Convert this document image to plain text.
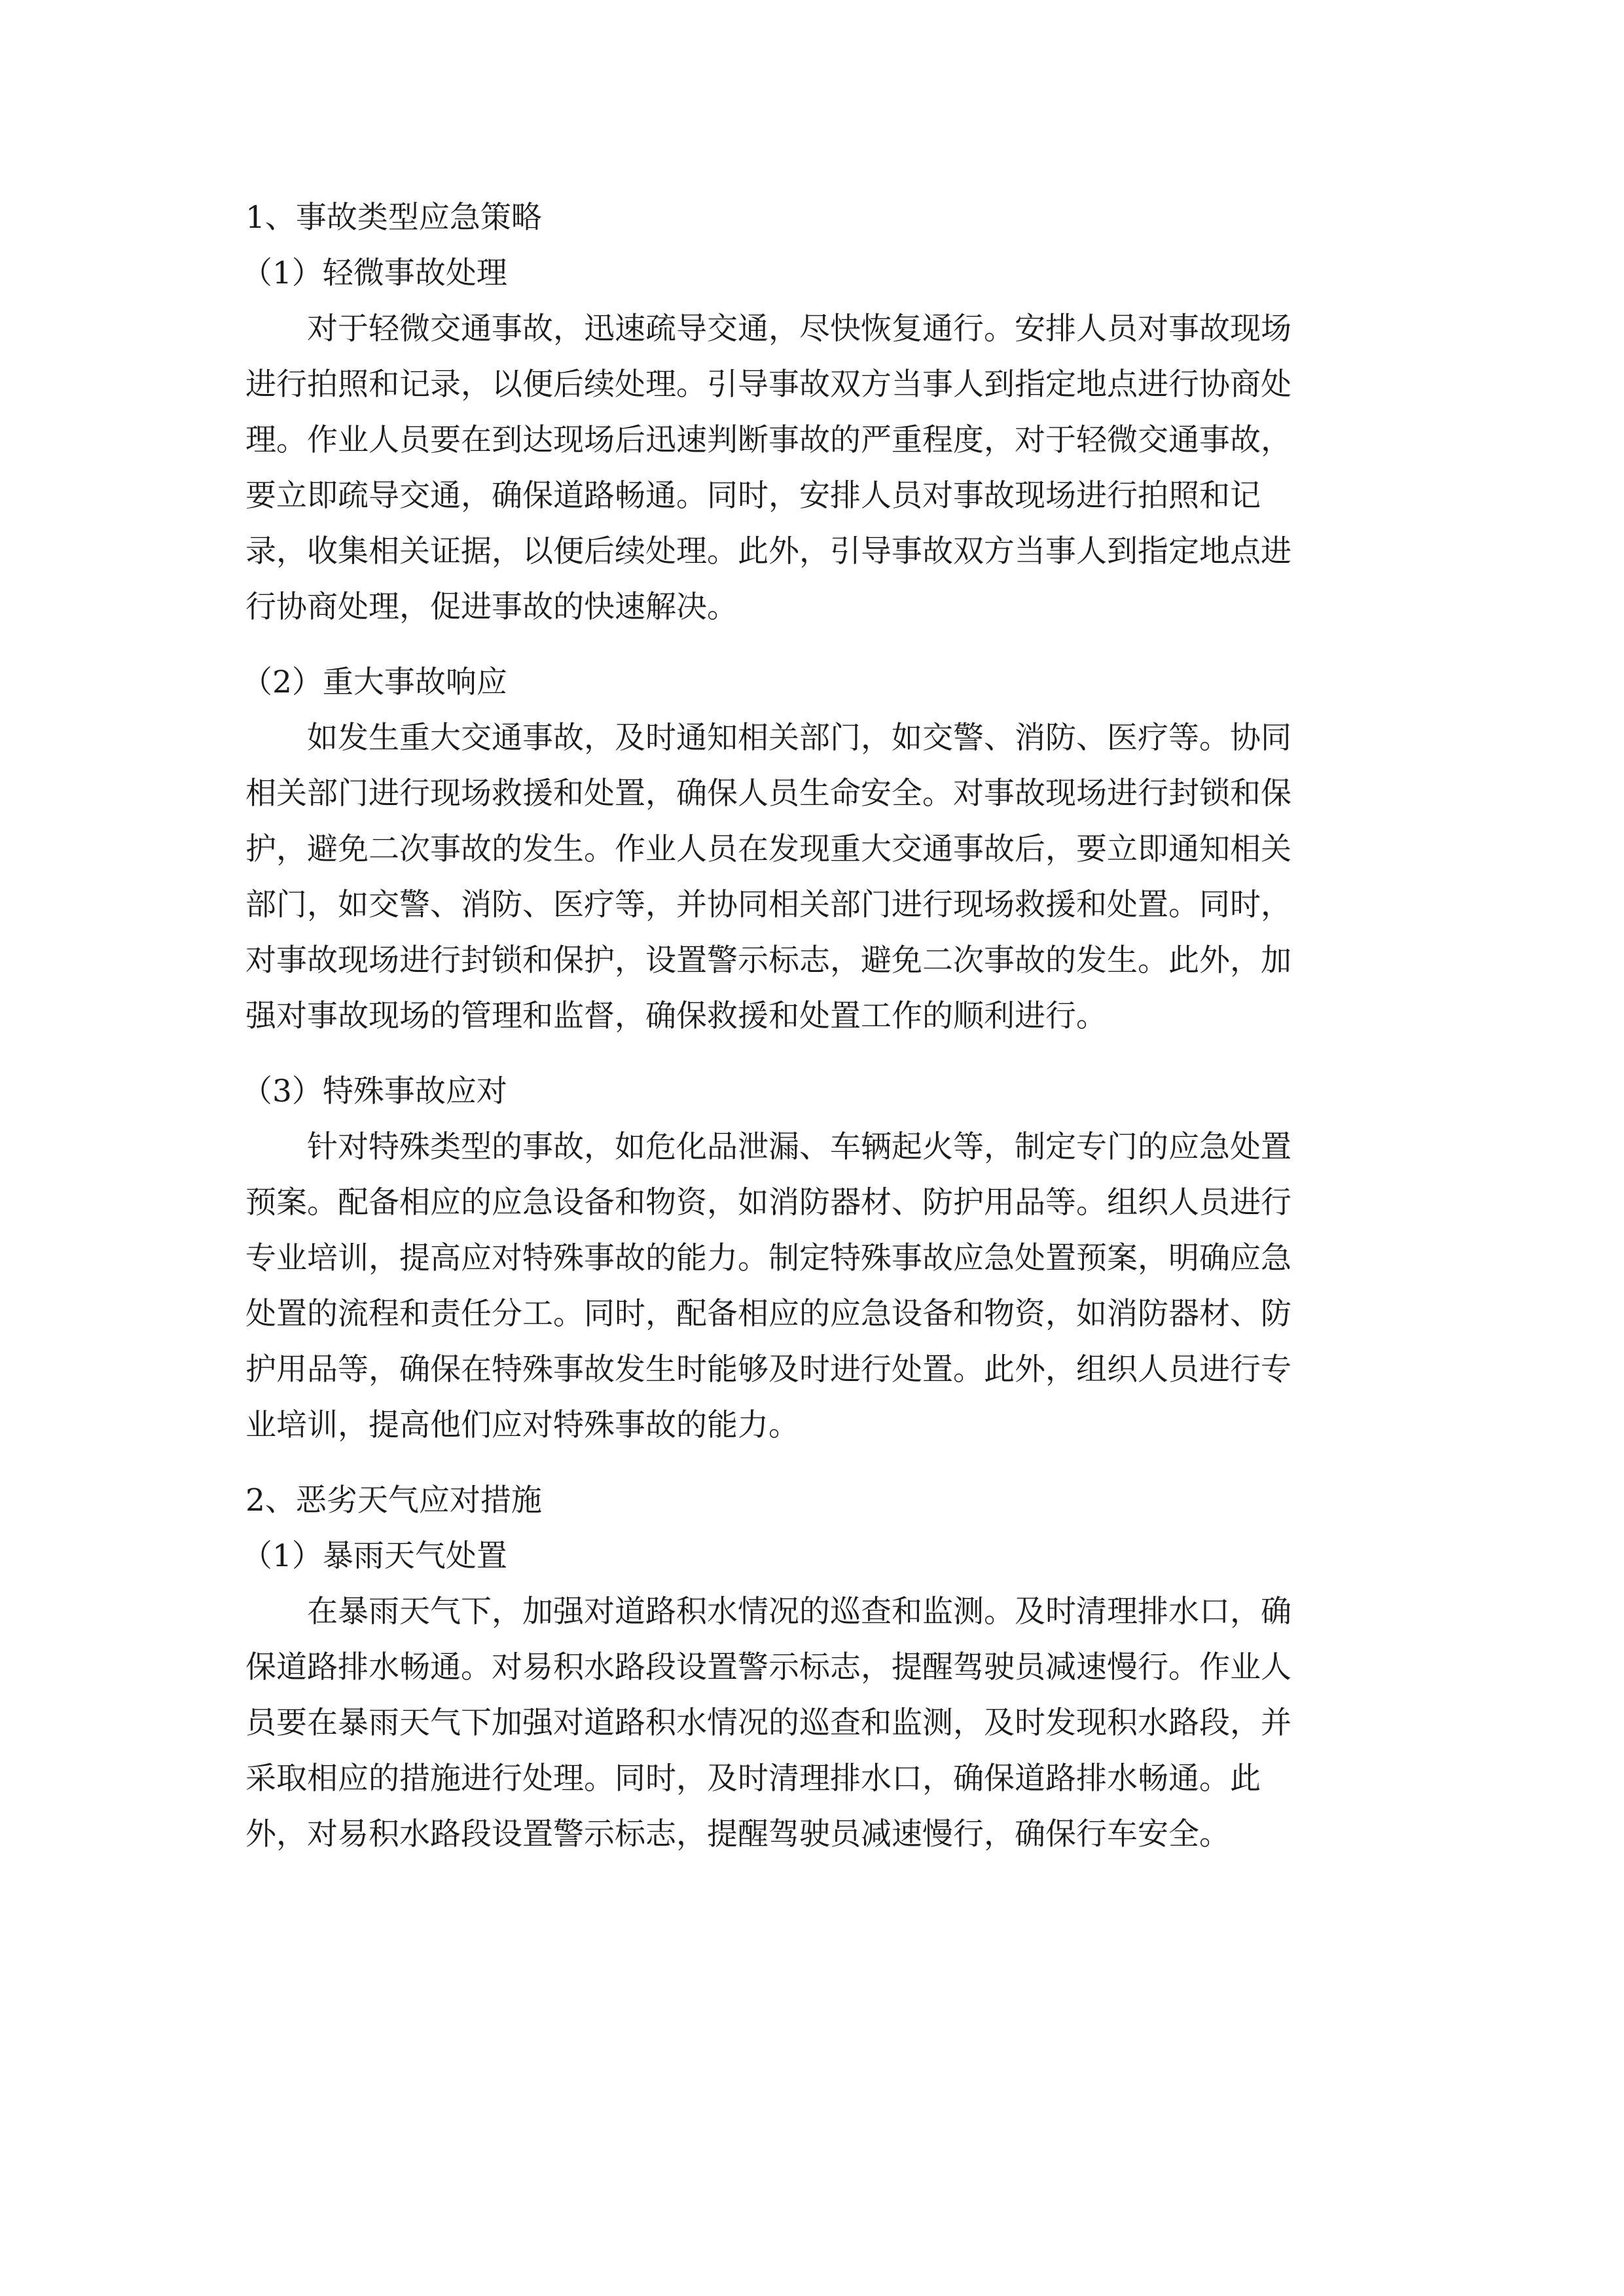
1、事故类型应急策略

（1）轻微事故处理

对于轻微交通事故，迅速疏导交通，尽快恢复通行。安排人员对事故现场

进行拍照和记录，以便后续处理。引导事故双方当事人到指定地点进行协商处

理。作业人员要在到达现场后迅速判断事故的严重程度，对于轻微交通事故，

要立即疏导交通，确保道路畅通。同时，安排人员对事故现场进行拍照和记

录，收集相关证据，以便后续处理。此外，引导事故双方当事人到指定地点进

行协商处理，促进事故的快速解决。

（2）重大事故响应

如发生重大交通事故，及时通知相关部门，如交警、消防、医疗等。协同

相关部门进行现场救援和处置，确保人员生命安全。对事故现场进行封锁和保

护，避免二次事故的发生。作业人员在发现重大交通事故后，要立即通知相关

部门，如交警、消防、医疗等，并协同相关部门进行现场救援和处置。同时，

对事故现场进行封锁和保护，设置警示标志，避免二次事故的发生。此外，加

强对事故现场的管理和监督，确保救援和处置工作的顺利进行。

（3）特殊事故应对

针对特殊类型的事故，如危化品泄漏、车辆起火等，制定专门的应急处置

预案。配备相应的应急设备和物资，如消防器材、防护用品等。组织人员进行

专业培训，提高应对特殊事故的能力。制定特殊事故应急处置预案，明确应急

处置的流程和责任分工。同时，配备相应的应急设备和物资，如消防器材、防

护用品等，确保在特殊事故发生时能够及时进行处置。此外，组织人员进行专

业培训，提高他们应对特殊事故的能力。

2、恶劣天气应对措施

（1）暴雨天气处置

在暴雨天气下，加强对道路积水情况的巡查和监测。及时清理排水口，确

保道路排水畅通。对易积水路段设置警示标志，提醒驾驶员减速慢行。作业人

员要在暴雨天气下加强对道路积水情况的巡查和监测，及时发现积水路段，并

采取相应的措施进行处理。同时，及时清理排水口，确保道路排水畅通。此

外，对易积水路段设置警示标志，提醒驾驶员减速慢行，确保行车安全。
